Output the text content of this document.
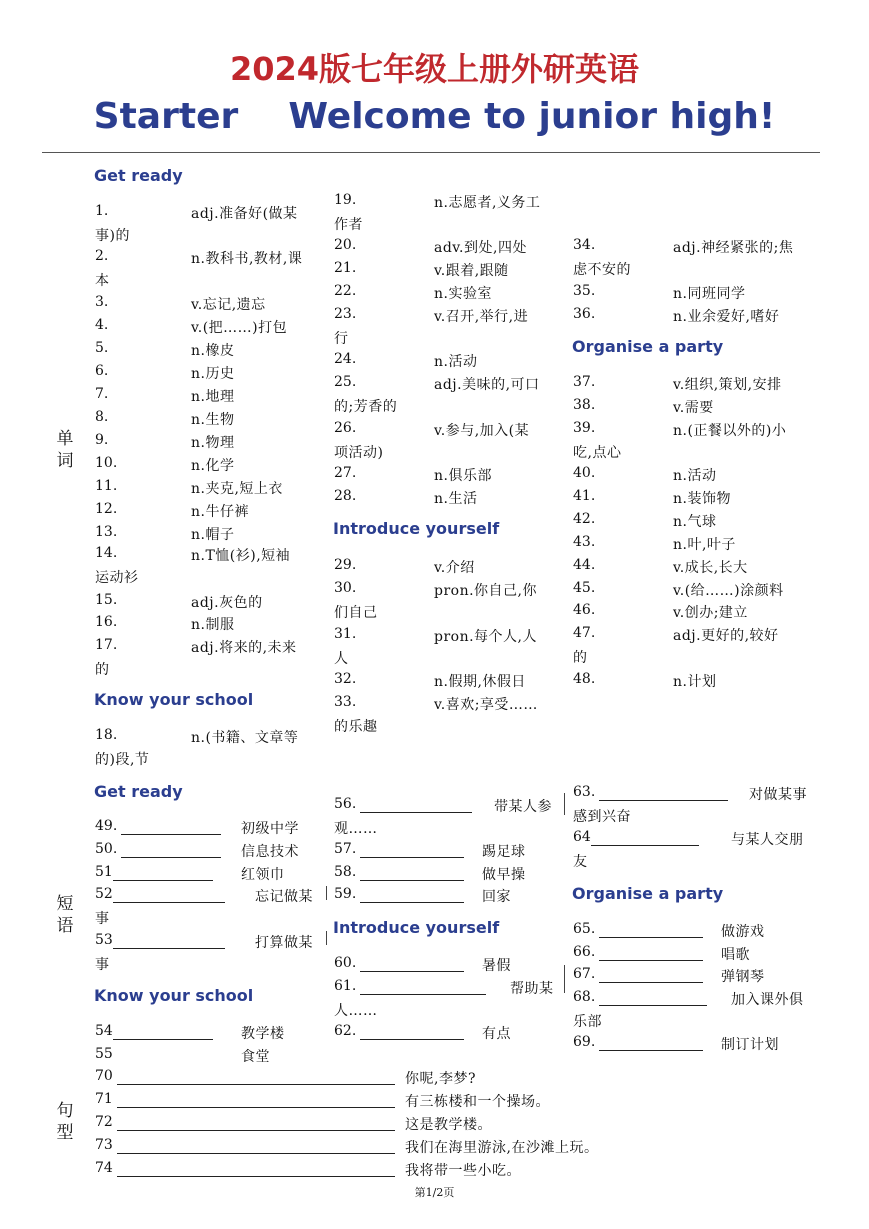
2024版七年级上册外研英语
Starter    Welcome to junior high!
单
词
短
语
句
型
Get ready
Know your school
Introduce yourself
Organise a party
1.	adj.准备好(做某
事)的
2.	n.教科书,教材,课
本
3.	v.忘记,遗忘
4.	v.(把……)打包
5.	n.橡皮
6.	n.历史
7.	n.地理
8.	n.生物
9.	n.物理
10.	n.化学
11.	n.夹克,短上衣
12.	n.牛仔裤
13.	n.帽子
14.	n.T恤(衫),短袖
运动衫
15.	adj.灰色的
16.	n.制服
17.	adj.将来的,未来
的
18.	n.(书籍、文章等
的)段,节
19.	n.志愿者,义务工
作者
20.	adv.到处,四处
21.	v.跟着,跟随
22.	n.实验室
23.	v.召开,举行,进
行
24.	n.活动
25.	adj.美味的,可口
的;芳香的
26.	v.参与,加入(某
项活动)
27.	n.俱乐部
28.	n.生活
29.	v.介绍
30.	pron.你自己,你
们自己
31.	pron.每个人,人
人
32.	n.假期,休假日
33.	v.喜欢;享受……
的乐趣
34.	adj.神经紧张的;焦
虑不安的
35.	n.同班同学
36.	n.业余爱好,嗜好
37.	v.组织,策划,安排
38.	v.需要
39.	n.(正餐以外的)小
吃,点心
40.	n.活动
41.	n.装饰物
42.	n.气球
43.	n.叶,叶子
44.	v.成长,长大
45.	v.(给……)涂颜料
46.	v.创办;建立
47.	adj.更好的,较好
的
48.	n.计划
Get ready
Know your school
Introduce yourself
Organise a party
49.	初级中学
50.	信息技术
51	红领巾
52	忘记做某
事
53	打算做某
事
54	教学楼
55	食堂
56.	带某人参
观……
57.	踢足球
58.	做早操
59.	回家
60.	暑假
61.	帮助某
人……
62.	有点
63.	对做某事
感到兴奋
64	与某人交朋
友
65.	做游戏
66.	唱歌
67.	弹钢琴
68.	加入课外俱
乐部
69.	制订计划
70	你呢,李梦?
71	有三栋楼和一个操场。
72	这是教学楼。
73	我们在海里游泳,在沙滩上玩。
74	我将带一些小吃。
第1/2页
